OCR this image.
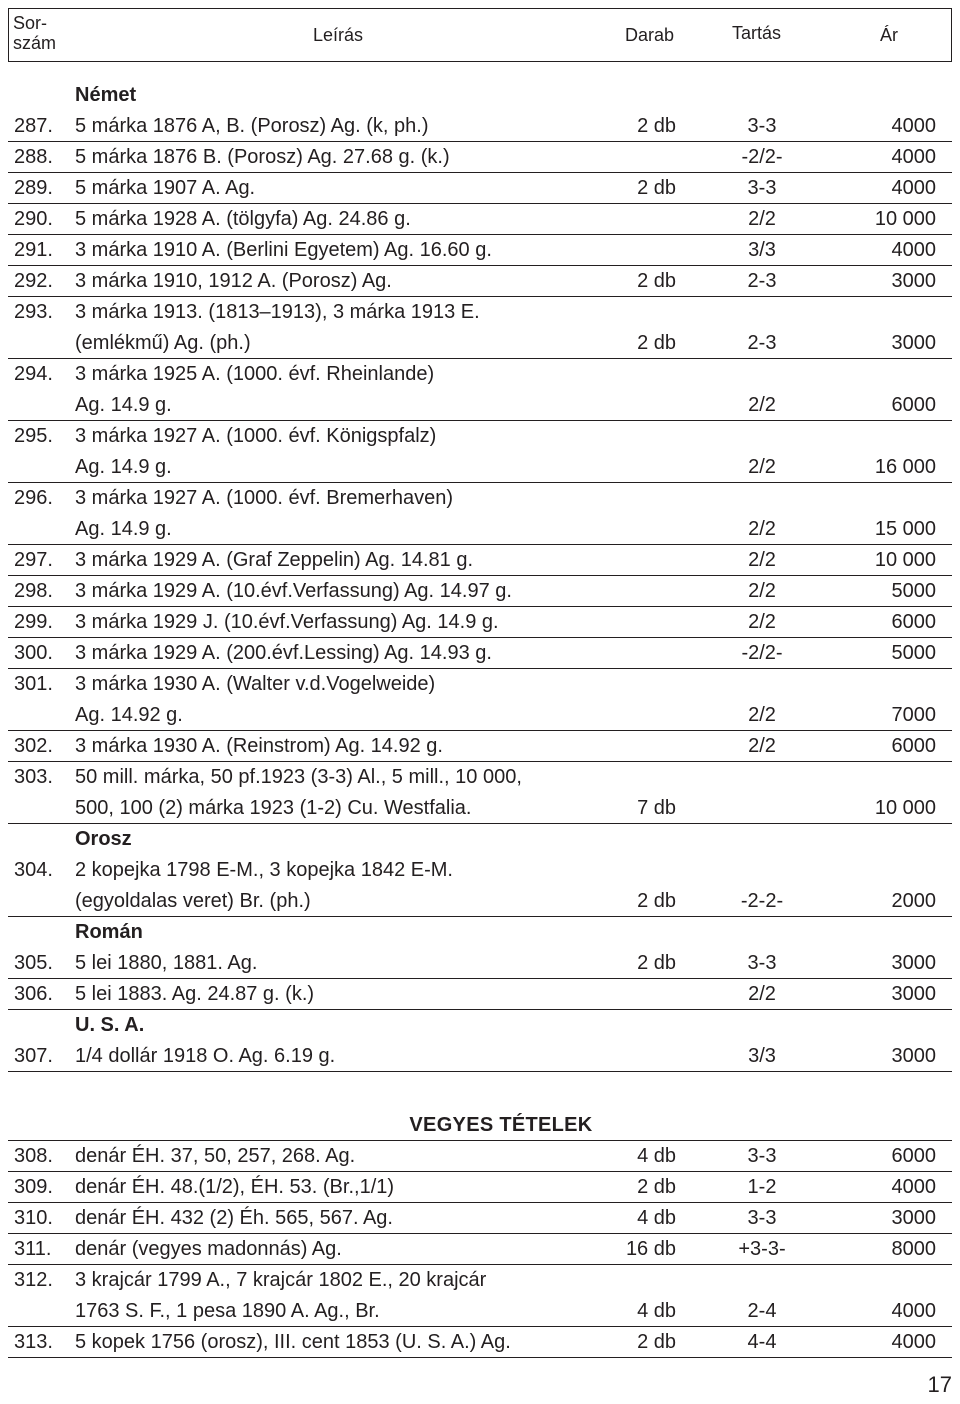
Sor-
szám	Leírás	Darab	Tartás	Ár
Német
287. 5 márka 1876 A, B. (Porosz) Ag. (k, ph.)	2 db	3-3	4000
288. 5 márka 1876 B. (Porosz) Ag. 27.68 g. (k.)	-2/2-	4000
289. 5 márka 1907 A. Ag.	2 db	3-3	4000
290. 5 márka 1928 A. (tölgyfa) Ag. 24.86 g.	2/2	10 000
291. 3 márka 1910 A. (Berlini Egyetem) Ag. 16.60 g.	3/3	4000
292. 3 márka 1910, 1912 A. (Porosz) Ag.	2 db	2-3	3000
293. 3 márka 1913. (1813–1913), 3 márka 1913 E.
(emlékmű) Ag. (ph.)	2 db	2-3	3000
294. 3 márka 1925 A. (1000. évf. Rheinlande)
Ag. 14.9 g.	2/2	6000
295. 3 márka 1927 A. (1000. évf. Königspfalz)
Ag. 14.9 g.	2/2	16 000
296. 3 márka 1927 A. (1000. évf. Bremerhaven)
Ag. 14.9 g.	2/2	15 000
297. 3 márka 1929 A. (Graf Zeppelin) Ag. 14.81 g.	2/2	10 000
298. 3 márka 1929 A. (10.évf.Verfassung) Ag. 14.97 g.	2/2	5000
299. 3 márka 1929 J. (10.évf.Verfassung) Ag. 14.9 g.	2/2	6000
300. 3 márka 1929 A. (200.évf.Lessing) Ag. 14.93 g.	-2/2-	5000
301. 3 márka 1930 A. (Walter v.d.Vogelweide)
Ag. 14.92 g.	2/2	7000
302. 3 márka 1930 A. (Reinstrom) Ag. 14.92 g.	2/2	6000
303. 50 mill. márka, 50 pf.1923 (3-3) Al., 5 mill., 10 000,
500, 100 (2) márka 1923 (1-2) Cu. Westfalia.	7 db	10 000
Orosz
304. 2 kopejka 1798 E-M., 3 kopejka 1842 E-M.
(egyoldalas veret) Br. (ph.)	2 db	-2-2-	2000
Román
305. 5 lei 1880, 1881. Ag.	2 db	3-3	3000
306. 5 lei 1883. Ag. 24.87 g. (k.)	2/2	3000
U. S. A.
307. 1/4 dollár 1918 O. Ag. 6.19 g.	3/3	3000
VEGYES TÉTELEK
308. denár ÉH. 37, 50, 257, 268. Ag.	4 db	3-3	6000
309. denár ÉH. 48.(1/2), ÉH. 53. (Br.,1/1)	2 db	1-2	4000
310. denár ÉH. 432 (2) Éh. 565, 567. Ag.	4 db	3-3	3000
311. denár (vegyes madonnás) Ag.	16 db	+3-3-	8000
312. 3 krajcár 1799 A., 7 krajcár 1802 E., 20 krajcár
1763 S. F., 1 pesa 1890 A. Ag., Br.	4 db	2-4	4000
313. 5 kopek 1756 (orosz), III. cent 1853 (U. S. A.) Ag.	2 db	4-4	4000
17
